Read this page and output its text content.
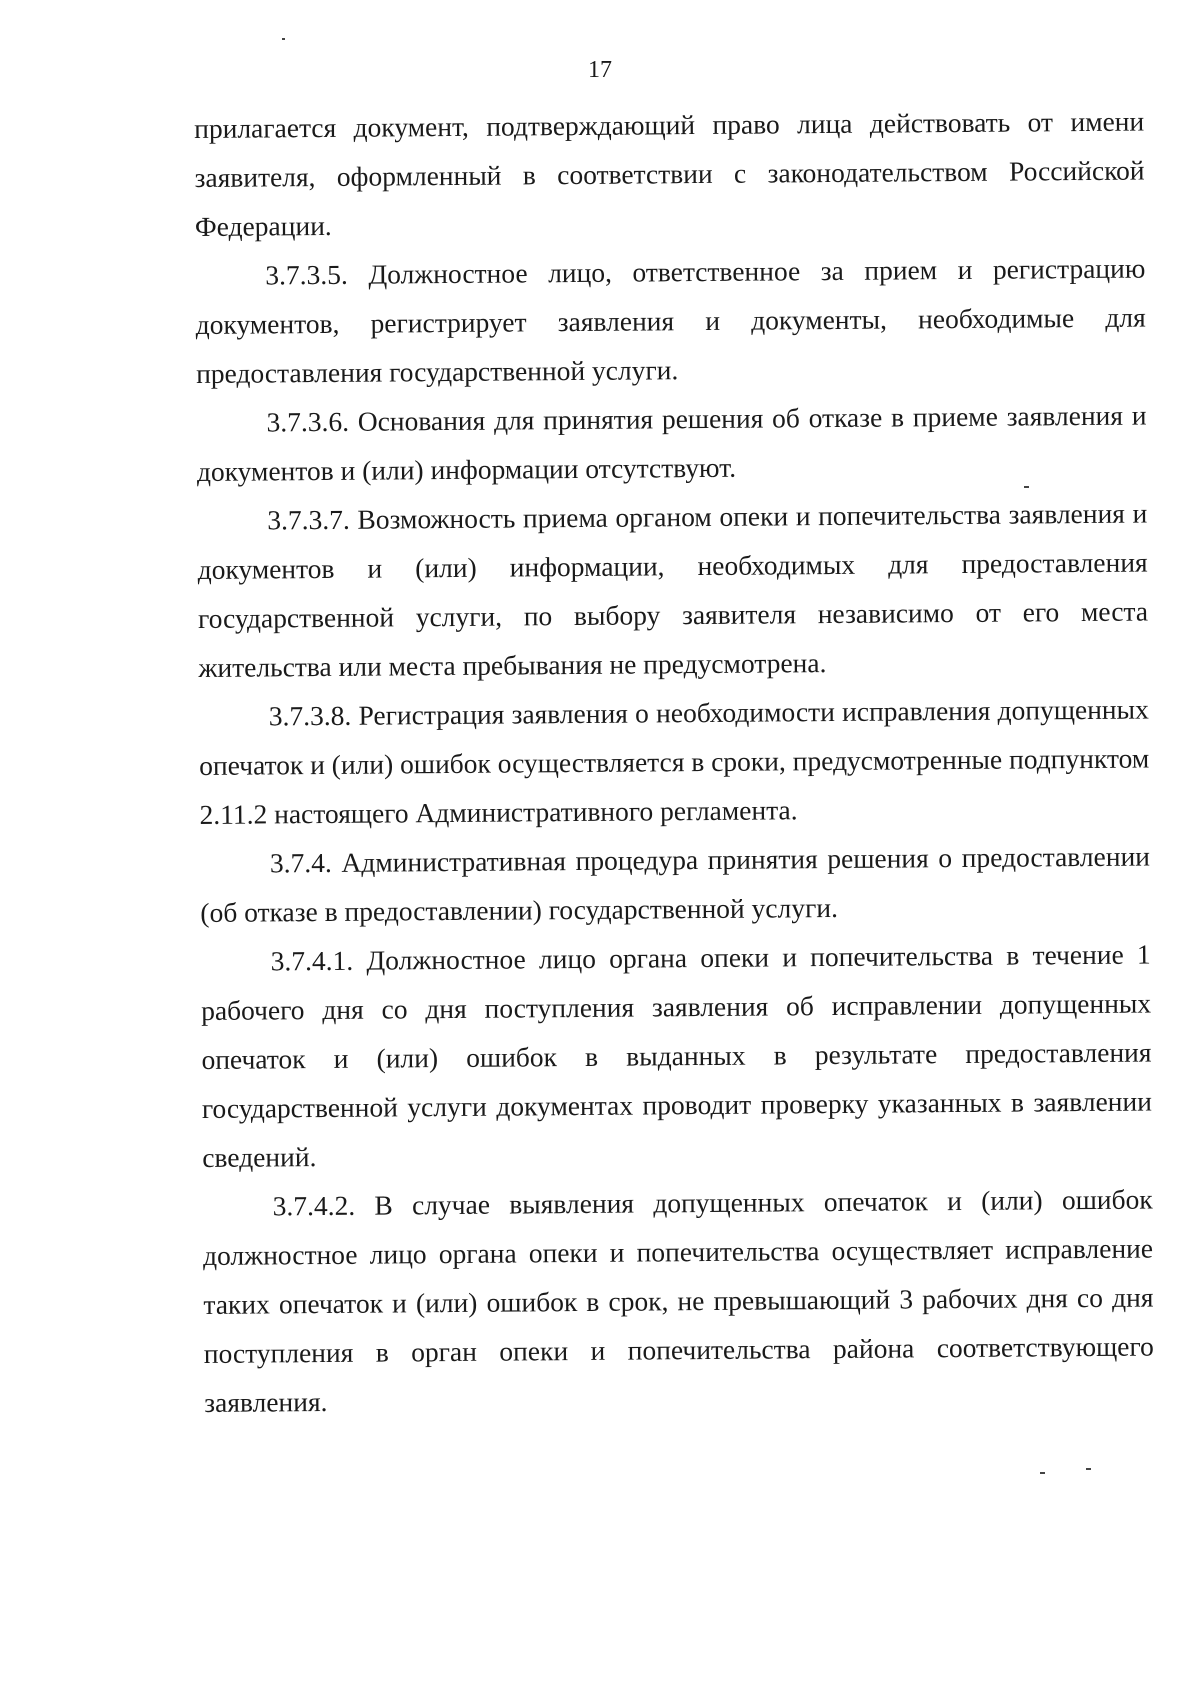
17

прилагается документ, подтверждающий право лица действовать от имени заявителя, оформленный в соответствии с законодательством Российской Федерации.

3.7.3.5. Должностное лицо, ответственное за прием и регистрацию документов, регистрирует заявления и документы, необходимые для предоставления государственной услуги.

3.7.3.6. Основания для принятия решения об отказе в приеме заявления и документов и (или) информации отсутствуют.

3.7.3.7. Возможность приема органом опеки и попечительства заявления и документов и (или) информации, необходимых для предоставления государственной услуги, по выбору заявителя независимо от его места жительства или места пребывания не предусмотрена.

3.7.3.8. Регистрация заявления о необходимости исправления допущенных опечаток и (или) ошибок осуществляется в сроки, предусмотренные подпунктом 2.11.2 настоящего Административного регламента.

3.7.4. Административная процедура принятия решения о предоставлении (об отказе в предоставлении) государственной услуги.

3.7.4.1. Должностное лицо органа опеки и попечительства в течение 1 рабочего дня со дня поступления заявления об исправлении допущенных опечаток и (или) ошибок в выданных в результате предоставления государственной услуги документах проводит проверку указанных в заявлении сведений.

3.7.4.2. В случае выявления допущенных опечаток и (или) ошибок должностное лицо органа опеки и попечительства осуществляет исправление таких опечаток и (или) ошибок в срок, не превышающий 3 рабочих дня со дня поступления в орган опеки и попечительства района соответствующего заявления.
